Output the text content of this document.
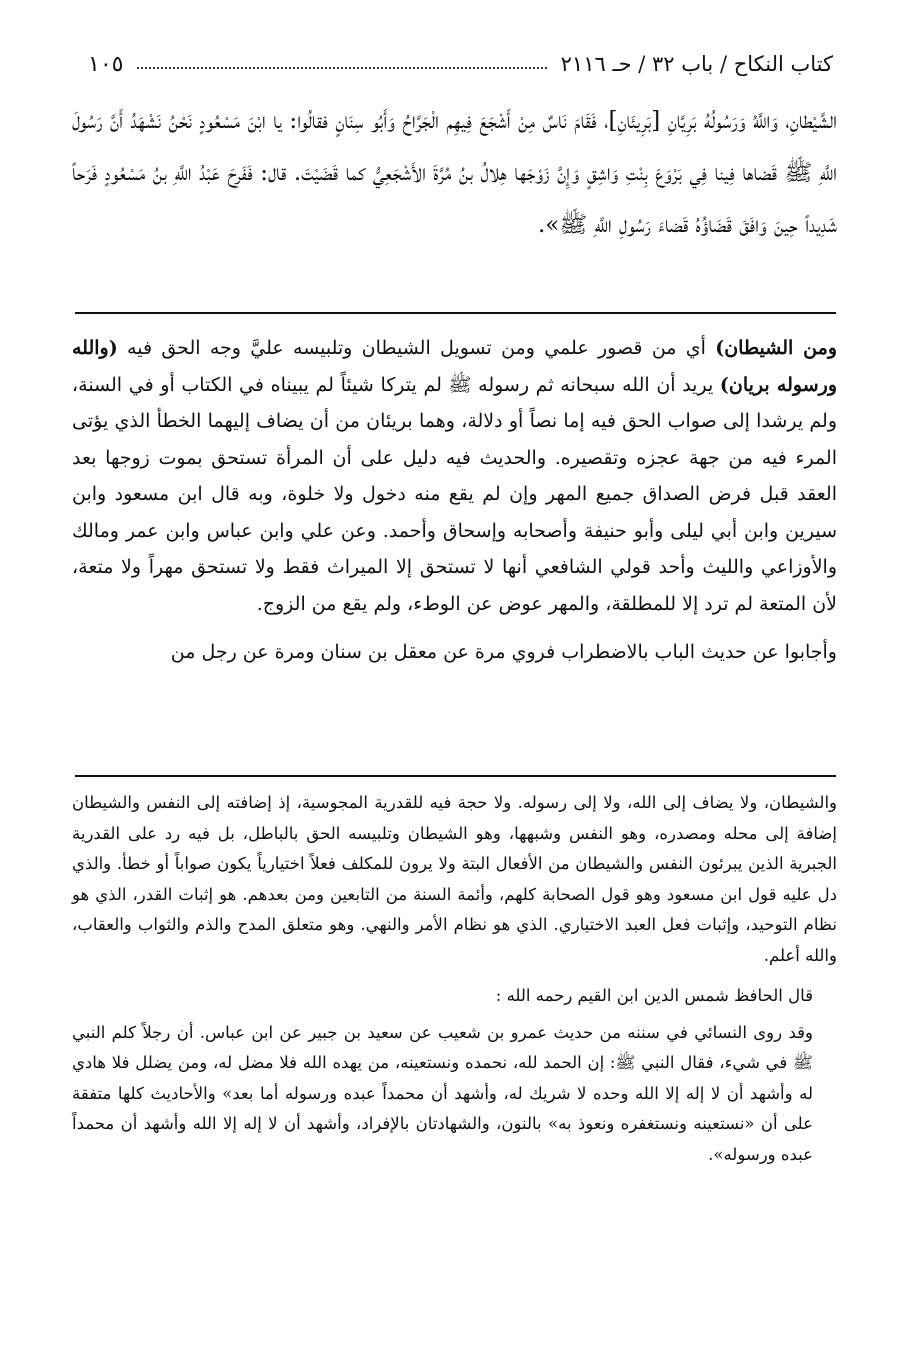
كتاب النكاح / باب ٣٢ / حـ ٢١١٦
١٠٥
الشَّيْطانِ، وَاللَّهُ وَرَسُولُهُ بَرِيَّانِ [بَرِيئَانِ]، فَقَامَ نَاسٌ مِنْ أَشْجَعَ فِيهِم الْجَرَّاحُ وَأَبُو سِنَانٍ فقالُوا: يا ابْنَ مَسْعُودٍ نَحْنُ نَشْهَدُ أَنَّ رَسُولَ اللَّهِ ﷺ قَضاها فِينا فِي بَرْوَعَ بِنْتِ وَاشِقٍ وَإِنَّ زَوْجَها هِلالُ بنُ مُرَّةَ الأَشْجَعِيُّ كما قَضَيْتَ. قال: فَفَرِحَ عَبْدُ اللَّهِ بنُ مَسْعُودٍ فَرَحاً شَدِيداً حِينَ وَافَقَ قَضَاؤُهُ قَضاءَ رَسُولِ اللَّهِ ﷺ».

ومن الشيطان) أي من قصور علمي ومن تسويل الشيطان وتلبيسه عليَّ وجه الحق فيه (والله ورسوله بريان) يريد أن الله سبحانه ثم رسوله ﷺ لم يتركا شيئاً لم يبيناه في الكتاب أو في السنة، ولم يرشدا إلى صواب الحق فيه إما نصاً أو دلالة، وهما بريئان من أن يضاف إليهما الخطأ الذي يؤتى المرء فيه من جهة عجزه وتقصيره. والحديث فيه دليل على أن المرأة تستحق بموت زوجها بعد العقد قبل فرض الصداق جميع المهر وإن لم يقع منه دخول ولا خلوة، وبه قال ابن مسعود وابن سيرين وابن أبي ليلى وأبو حنيفة وأصحابه وإسحاق وأحمد. وعن علي وابن عباس وابن عمر ومالك والأوزاعي والليث وأحد قولي الشافعي أنها لا تستحق إلا الميراث فقط ولا تستحق مهراً ولا متعة، لأن المتعة لم ترد إلا للمطلقة، والمهر عوض عن الوطء، ولم يقع من الزوج.

وأجابوا عن حديث الباب بالاضطراب فروي مرة عن معقل بن سنان ومرة عن رجل من

والشيطان، ولا يضاف إلى الله، ولا إلى رسوله. ولا حجة فيه للقدرية المجوسية، إذ إضافته إلى النفس والشيطان إضافة إلى محله ومصدره، وهو النفس وشبهها، وهو الشيطان وتلبيسه الحق بالباطل، بل فيه رد على القدرية الجبرية الذين يبرئون النفس والشيطان من الأفعال البتة ولا يرون للمكلف فعلاً اختيارياً يكون صواباً أو خطأ. والذي دل عليه قول ابن مسعود وهو قول الصحابة كلهم، وأئمة السنة من التابعين ومن بعدهم. هو إثبات القدر، الذي هو نظام التوحيد، وإثبات فعل العبد الاختياري. الذي هو نظام الأمر والنهي. وهو متعلق المدح والذم والثواب والعقاب، والله أعلم.

قال الحافظ شمس الدين ابن القيم رحمه الله :

وقد روى النسائي في سننه من حديث عمرو بن شعيب عن سعيد بن جبير عن ابن عباس. أن رجلاً كلم النبي ﷺ في شيء، فقال النبي ﷺ: إن الحمد لله، نحمده ونستعينه، من يهده الله فلا مضل له، ومن يضلل فلا هادي له وأشهد أن لا إله إلا الله وحده لا شريك له، وأشهد أن محمداً عبده ورسوله أما بعد» والأحاديث كلها متفقة على أن «نستعينه ونستغفره ونعوذ به» بالنون، والشهادتان بالإفراد، وأشهد أن لا إله إلا الله وأشهد أن محمداً عبده ورسوله».
